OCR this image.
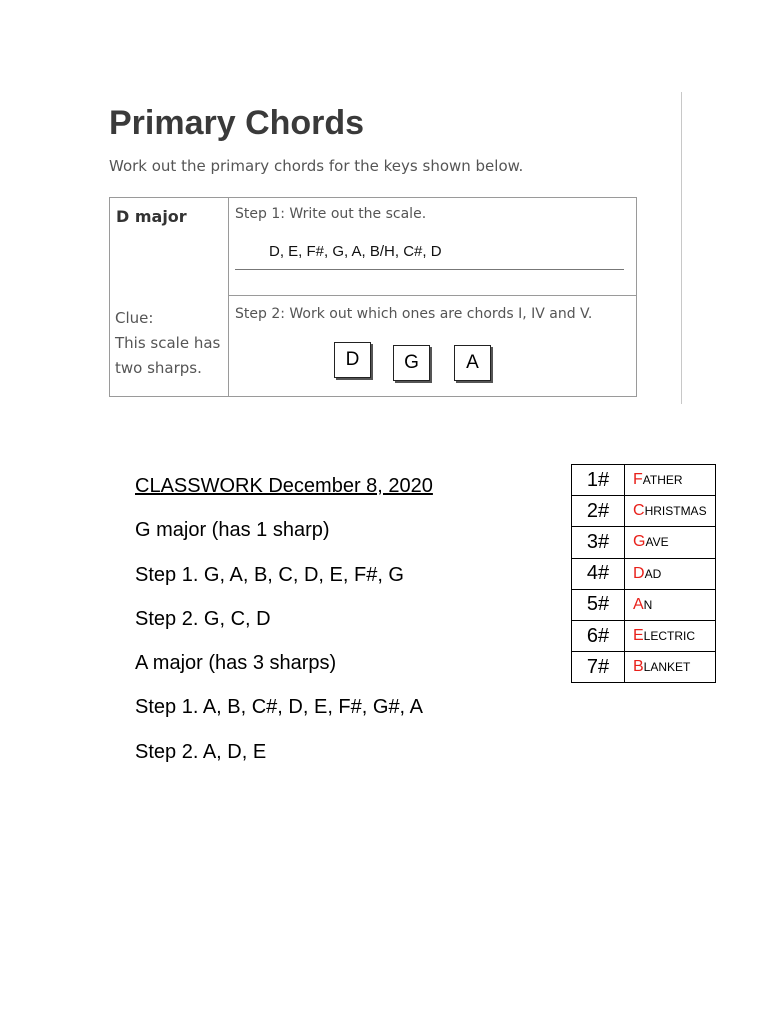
Primary Chords

Work out the primary chords for the keys shown below.

D major
Clue:
This scale has
two sharps.
Step 1: Write out the scale.
D, E, F#, G, A, B/H, C#, D
Step 2: Work out which ones are chords I, IV and V.
D	G	A
CLASSWORK December 8, 2020
G major (has 1 sharp)
Step 1. G, A, B, C, D, E, F#, G
Step 2. G, C, D
A major (has 3 sharps)
Step 1. A, B, C#, D, E, F#, G#, A
Step 2. A, D, E
1#	FATHER
2#	CHRISTMAS
3#	GAVE
4#	DAD
5#	AN
6#	ELECTRIC
7#	BLANKET
